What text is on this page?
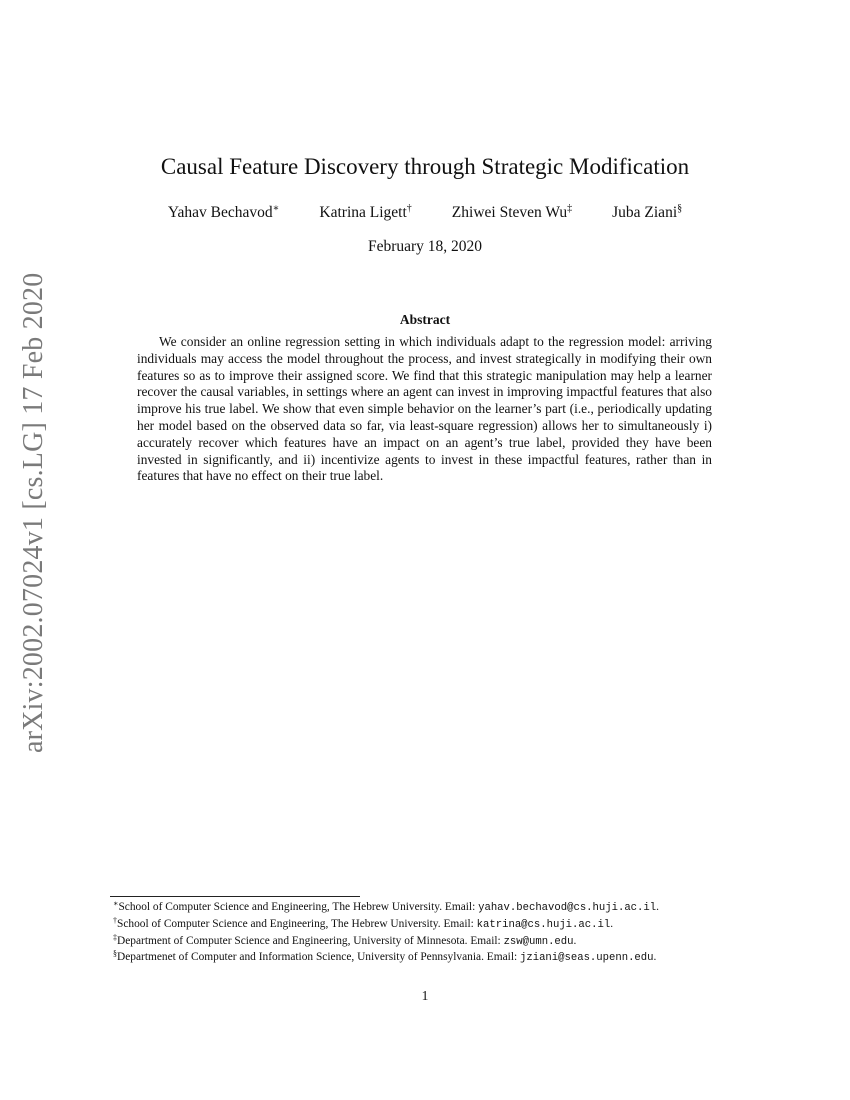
arXiv:2002.07024v1 [cs.LG] 17 Feb 2020
Causal Feature Discovery through Strategic Modification
Yahav Bechavod∗	Katrina Ligett†	Zhiwei Steven Wu‡	Juba Ziani§
February 18, 2020
Abstract

We consider an online regression setting in which individuals adapt to the regression model: arriving individuals may access the model throughout the process, and invest strategically in modifying their own features so as to improve their assigned score. We find that this strategic manipulation may help a learner recover the causal variables, in settings where an agent can invest in improving impactful features that also improve his true label. We show that even simple behavior on the learner’s part (i.e., periodically updating her model based on the observed data so far, via least-square regression) allows her to simultaneously i) accurately recover which features have an impact on an agent’s true label, provided they have been invested in significantly, and ii) incentivize agents to invest in these impactful features, rather than in features that have no effect on their true label.

∗School of Computer Science and Engineering, The Hebrew University. Email: yahav.bechavod@cs.huji.ac.il.
†School of Computer Science and Engineering, The Hebrew University. Email: katrina@cs.huji.ac.il.
‡Department of Computer Science and Engineering, University of Minnesota. Email: zsw@umn.edu.
§Departmenet of Computer and Information Science, University of Pennsylvania. Email: jziani@seas.upenn.edu.
1
